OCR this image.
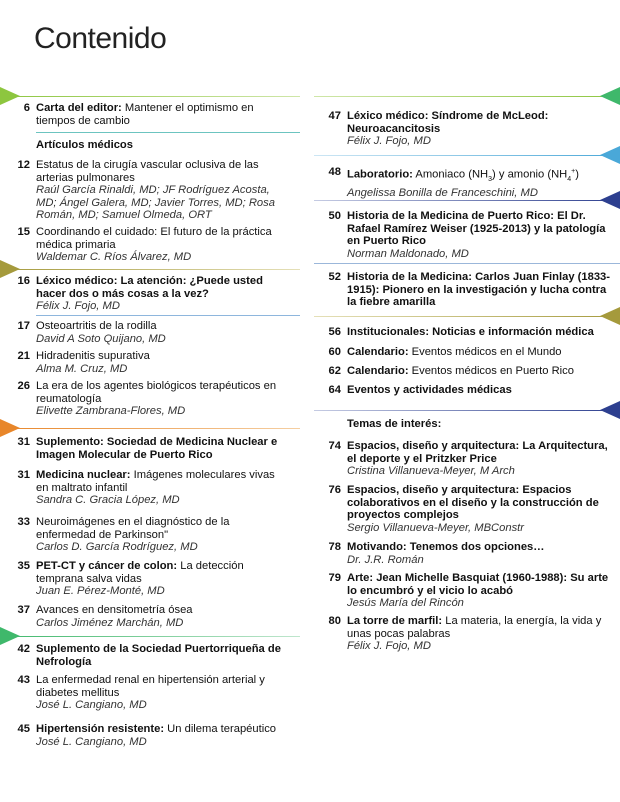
Contenido
6 Carta del editor: Mantener el optimismo en tiempos de cambio
Artículos médicos
12 Estatus de la cirugía vascular oclusiva de las arterias pulmonares
Raúl García Rinaldi, MD; JF Rodríguez Acosta, MD; Ángel Galera, MD; Javier Torres, MD; Rosa Román, MD; Samuel Olmeda, ORT
15 Coordinando el cuidado: El futuro de la práctica médica primaria
Waldemar C. Ríos Álvarez, MD
16 Léxico médico: La atención: ¿Puede usted hacer dos o más cosas a la vez?
Félix J. Fojo, MD
17 Osteoartritis de la rodilla
David A Soto Quijano, MD
21 Hidradenitis supurativa
Alma M. Cruz, MD
26 La era de los agentes biológicos terapéuticos en reumatología
Elivette Zambrana-Flores, MD
31 Suplemento: Sociedad de Medicina Nuclear e Imagen Molecular de Puerto Rico
31 Medicina nuclear: Imágenes moleculares vivas en maltrato infantil
Sandra C. Gracia López, MD
33 Neuroimágenes en el diagnóstico de la enfermedad de Parkinson"
Carlos D. García Rodríguez, MD
35 PET-CT y cáncer de colon: La detección temprana salva vidas
Juan E. Pérez-Monté, MD
37 Avances en densitometría ósea
Carlos Jiménez Marchán, MD
42 Suplemento de la Sociedad Puertorriqueña de Nefrología
43 La enfermedad renal en hipertensión arterial y diabetes mellitus
José L. Cangiano, MD
45 Hipertensión resistente: Un dilema terapéutico
José L. Cangiano, MD
47 Léxico médico: Síndrome de McLeod: Neuroacancitosis
Félix J. Fojo, MD
48 Laboratorio: Amoniaco $(NH_3)$ y amonio $(NH_4^+)$
Angelissa Bonilla de Franceschini, MD
50 Historia de la Medicina de Puerto Rico: El Dr. Rafael Ramírez Weiser (1925-2013) y la patología en Puerto Rico
Norman Maldonado, MD
52 Historia de la Medicina: Carlos Juan Finlay (1833-1915): Pionero en la investigación y lucha contra la fiebre amarilla
56 Institucionales: Noticias e información médica
60 Calendario: Eventos médicos en el Mundo
62 Calendario: Eventos médicos en Puerto Rico
64 Eventos y actividades médicas
Temas de interés:
74 Espacios, diseño y arquitectura: La Arquitectura, el deporte y el Pritzker Price
Cristina Villanueva-Meyer, M Arch
76 Espacios, diseño y arquitectura: Espacios colaborativos en el diseño y la construcción de proyectos complejos
Sergio Villanueva-Meyer, MBConstr
78 Motivando: Tenemos dos opciones…
Dr. J.R. Román
79 Arte: Jean Michelle Basquiat (1960-1988): Su arte lo encumbró y el vicio lo acabó
Jesús María del Rincón
80 La torre de marfil: La materia, la energía, la vida y unas pocas palabras
Félix J. Fojo, MD
